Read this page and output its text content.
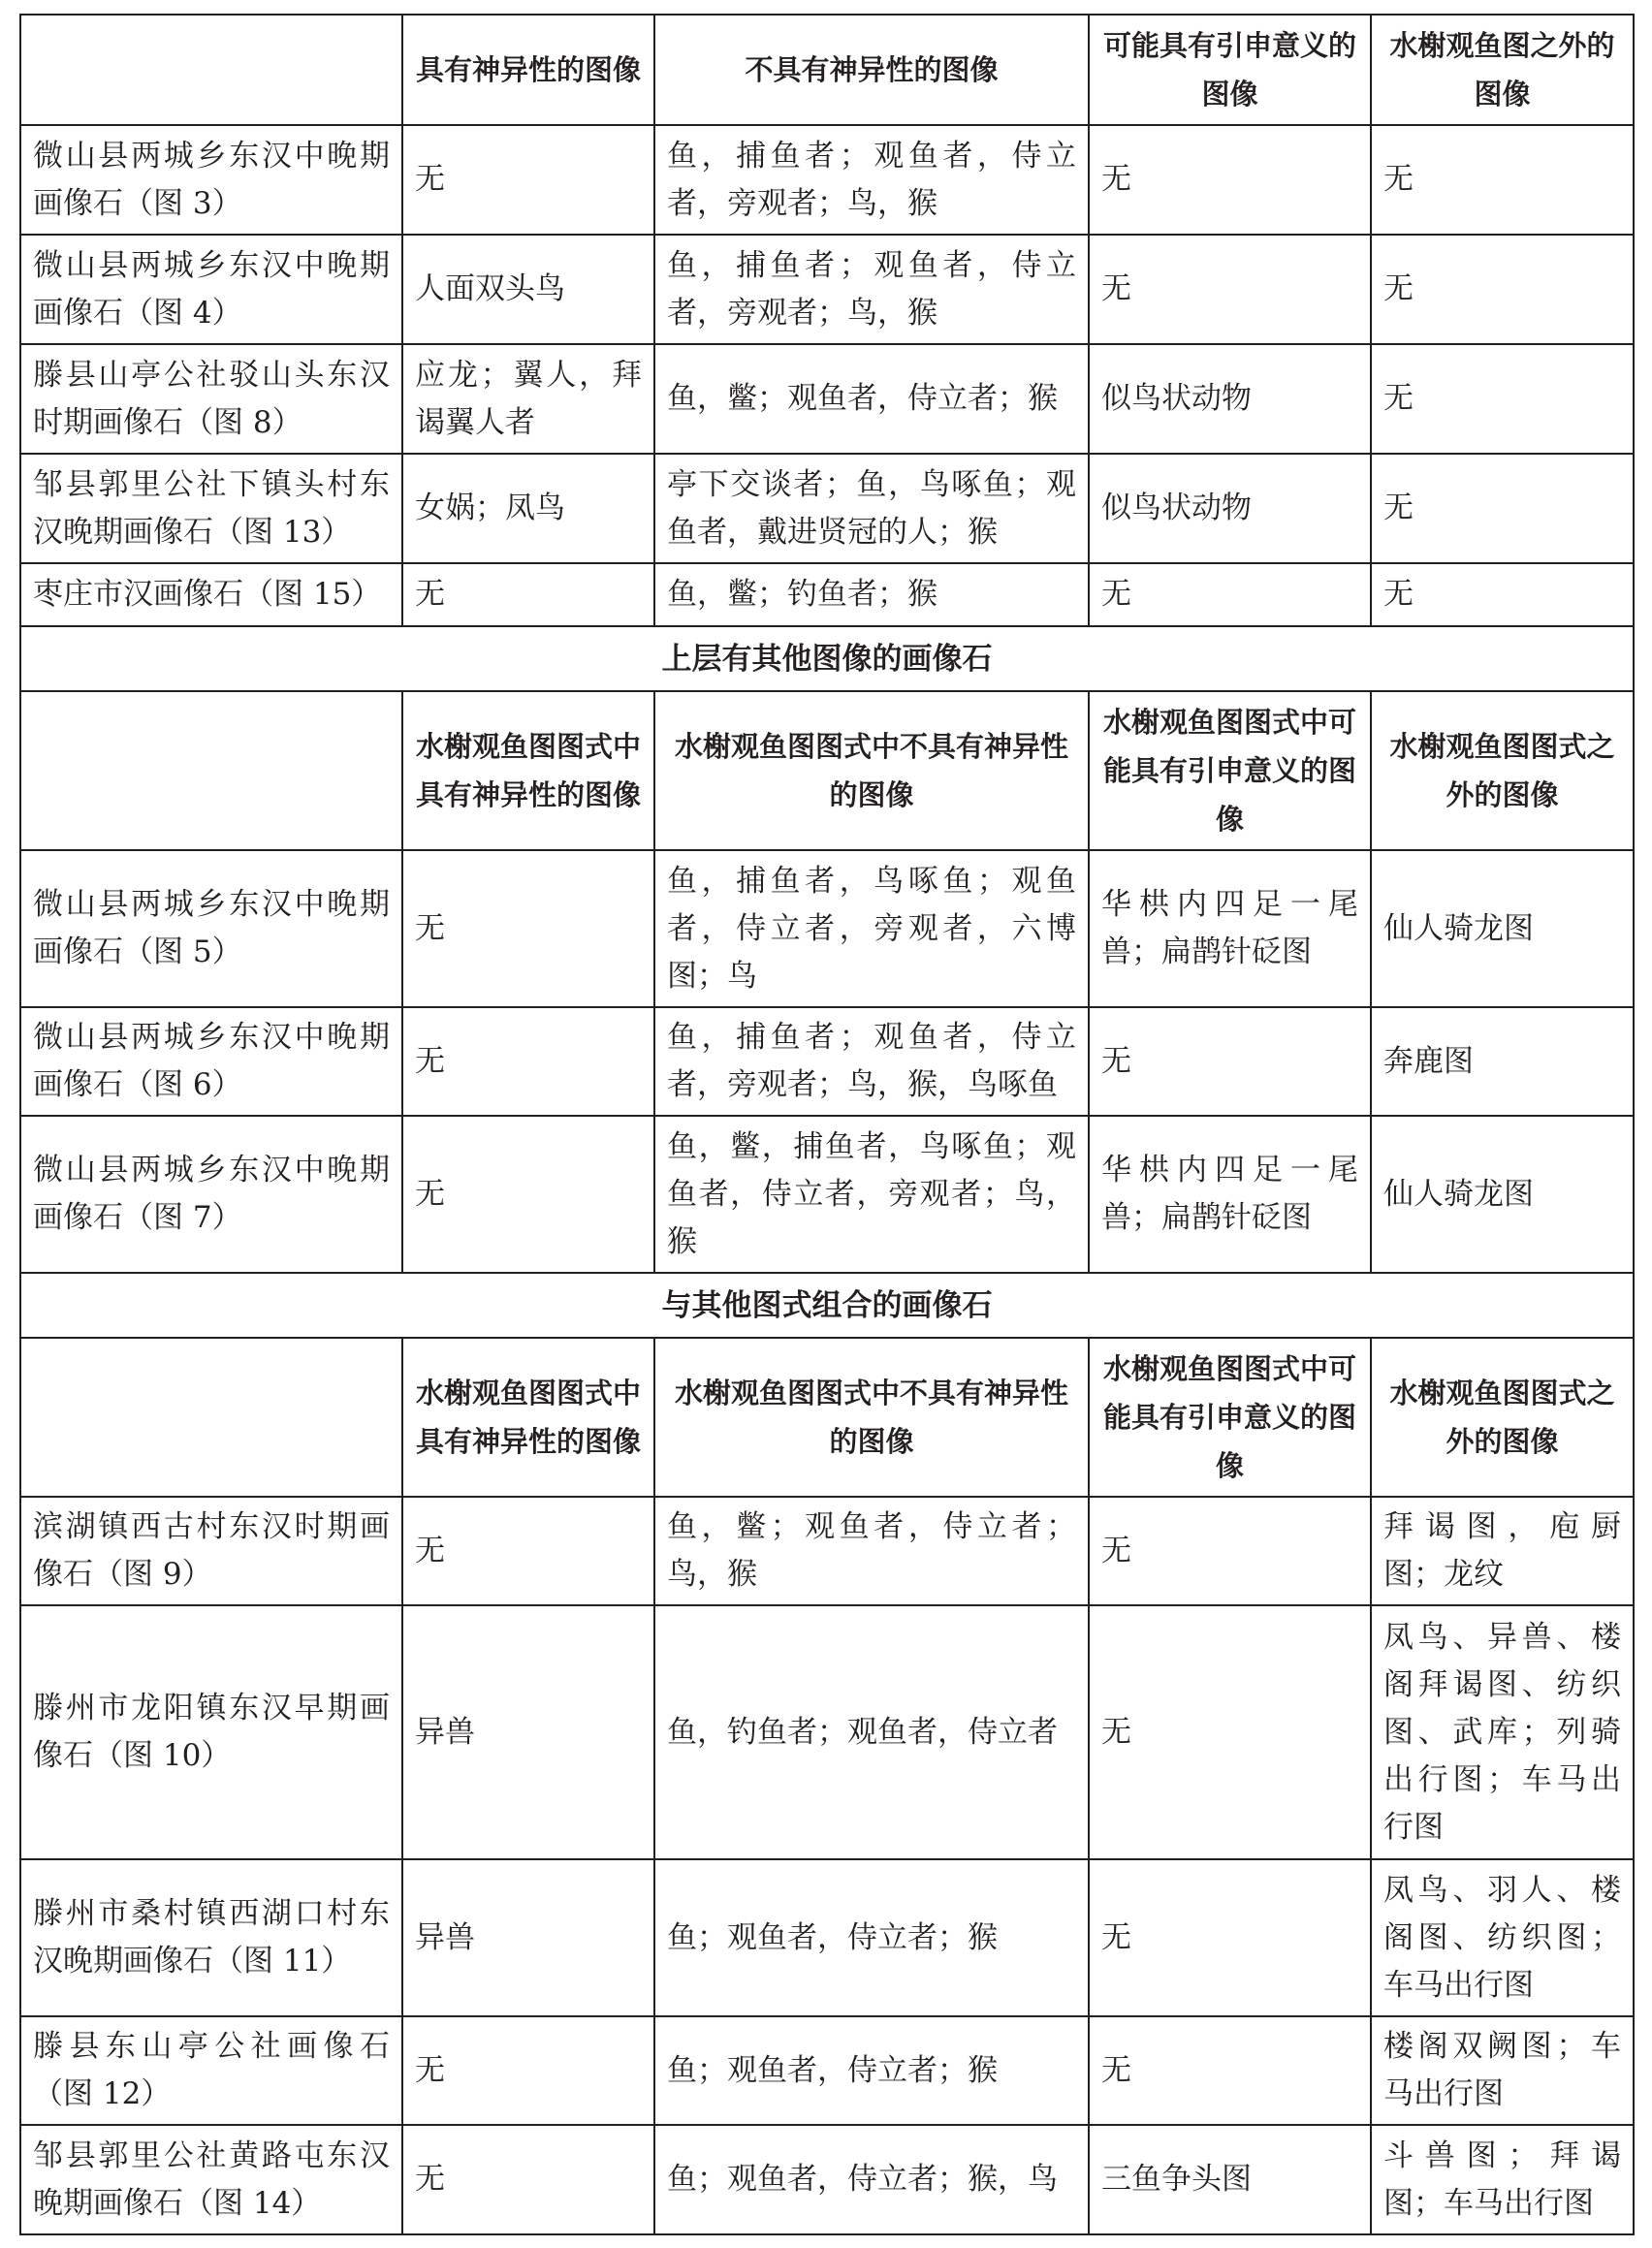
	具有神异性的图像	不具有神异性的图像	可能具有引申意义的图像	水榭观鱼图之外的图像
微山县两城乡东汉中晚期画像石（图 3）	无	鱼，捕鱼者；观鱼者，侍立者，旁观者；鸟，猴	无	无
微山县两城乡东汉中晚期画像石（图 4）	人面双头鸟	鱼，捕鱼者；观鱼者，侍立者，旁观者；鸟，猴	无	无
滕县山亭公社驳山头东汉时期画像石（图 8）	应龙；翼人，拜谒翼人者	鱼，鳖；观鱼者，侍立者；猴	似鸟状动物	无
邹县郭里公社下镇头村东汉晚期画像石（图 13）	女娲；凤鸟	亭下交谈者；鱼，鸟啄鱼；观鱼者，戴进贤冠的人；猴	似鸟状动物	无
枣庄市汉画像石（图 15）	无	鱼，鳖；钓鱼者；猴	无	无
上层有其他图像的画像石				
	水榭观鱼图图式中具有神异性的图像	水榭观鱼图图式中不具有神异性的图像	水榭观鱼图图式中可能具有引申意义的图像	水榭观鱼图图式之外的图像
微山县两城乡东汉中晚期画像石（图 5）	无	鱼，捕鱼者，鸟啄鱼；观鱼者，侍立者，旁观者，六博图；鸟	华栱内四足一尾兽；扁鹊针砭图	仙人骑龙图
微山县两城乡东汉中晚期画像石（图 6）	无	鱼，捕鱼者；观鱼者，侍立者，旁观者；鸟，猴，鸟啄鱼	无	奔鹿图
微山县两城乡东汉中晚期画像石（图 7）	无	鱼，鳖，捕鱼者，鸟啄鱼；观鱼者，侍立者，旁观者；鸟，猴	华栱内四足一尾兽；扁鹊针砭图	仙人骑龙图
与其他图式组合的画像石				
	水榭观鱼图图式中具有神异性的图像	水榭观鱼图图式中不具有神异性的图像	水榭观鱼图图式中可能具有引申意义的图像	水榭观鱼图图式之外的图像
滨湖镇西古村东汉时期画像石（图 9）	无	鱼，鳖；观鱼者，侍立者；鸟，猴	无	拜谒图，庖厨图；龙纹
滕州市龙阳镇东汉早期画像石（图 10）	异兽	鱼，钓鱼者；观鱼者，侍立者	无	凤鸟、异兽、楼阁拜谒图、纺织图、武库；列骑出行图；车马出行图
滕州市桑村镇西湖口村东汉晚期画像石（图 11）	异兽	鱼；观鱼者，侍立者；猴	无	凤鸟、羽人、楼阁图、纺织图；车马出行图
滕县东山亭公社画像石（图 12）	无	鱼；观鱼者，侍立者；猴	无	楼阁双阙图；车马出行图
邹县郭里公社黄路屯东汉晚期画像石（图 14）	无	鱼；观鱼者，侍立者；猴，鸟	三鱼争头图	斗兽图；拜谒图；车马出行图
